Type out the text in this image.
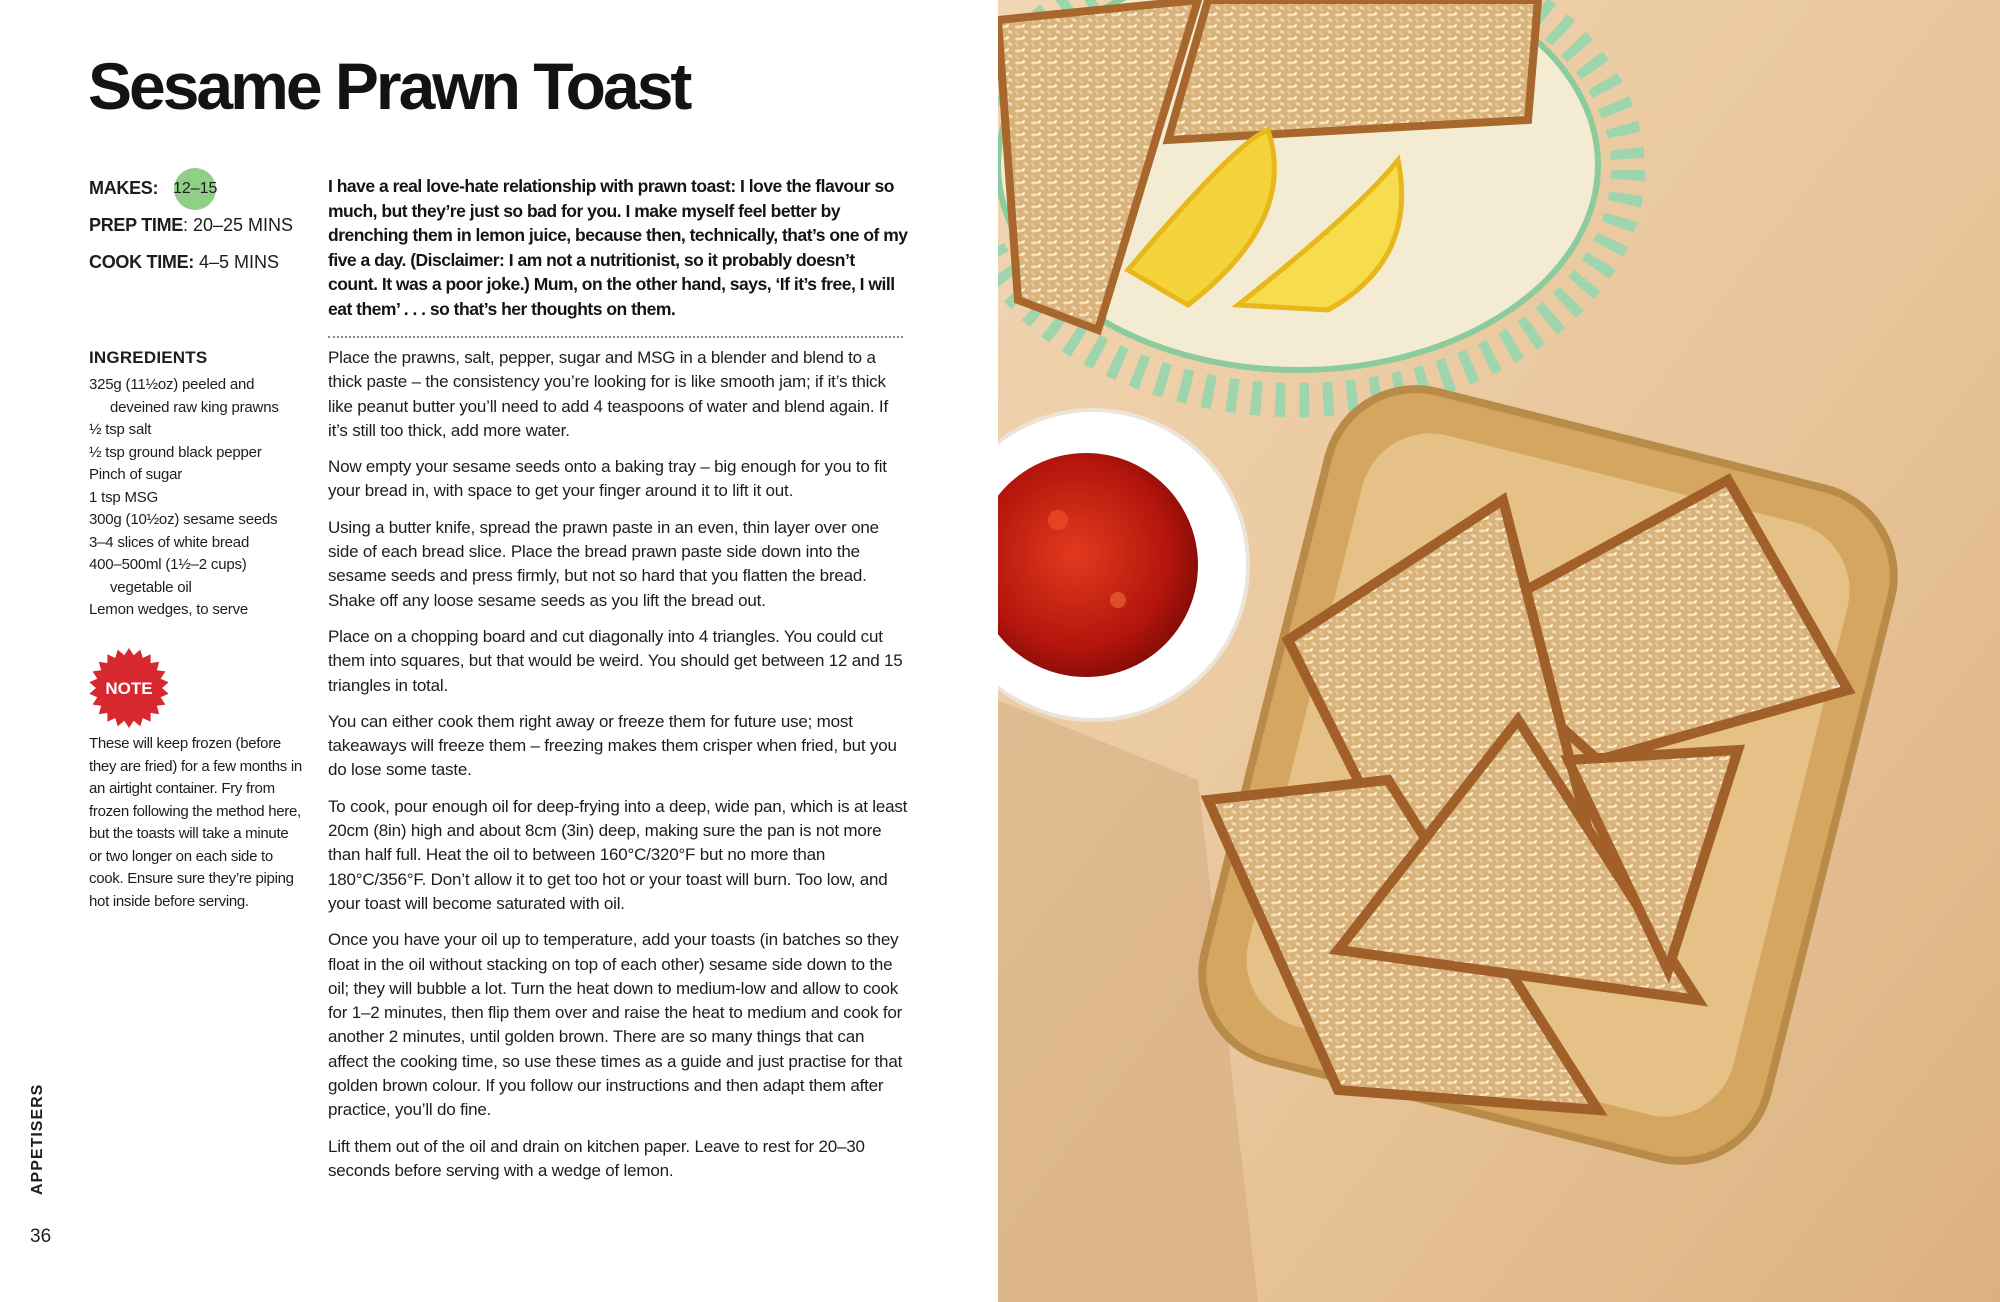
Sesame Prawn Toast
MAKES: 12–15
PREP TIME : 20–25 MINS
COOK TIME: 4–5 MINS
INGREDIENTS
325g (11½oz) peeled and deveined raw king prawns
½ tsp salt
½ tsp ground black pepper
Pinch of sugar
1 tsp MSG
300g (10½oz) sesame seeds
3–4 slices of white bread
400–500ml (1½–2 cups) vegetable oil
Lemon wedges, to serve
NOTE

These will keep frozen (before they are fried) for a few months in an airtight container. Fry from frozen following the method here, but the toasts will take a minute or two longer on each side to cook. Ensure sure they’re piping hot inside before serving.

I have a real love-hate relationship with prawn toast: I love the flavour so much, but they’re just so bad for you. I make myself feel better by drenching them in lemon juice, because then, technically, that’s one of my five a day. (Disclaimer: I am not a nutritionist, so it probably doesn’t count. It was a poor joke.) Mum, on the other hand, says, ‘If it’s free, I will eat them’ . . . so that’s her thoughts on them.

Place the prawns, salt, pepper, sugar and MSG in a blender and blend to a thick paste – the consistency you’re looking for is like smooth jam; if it’s thick like peanut butter you’ll need to add 4 teaspoons of water and blend again. If it’s still too thick, add more water.

Now empty your sesame seeds onto a baking tray – big enough for you to fit your bread in, with space to get your finger around it to lift it out.

Using a butter knife, spread the prawn paste in an even, thin layer over one side of each bread slice. Place the bread prawn paste side down into the sesame seeds and press firmly, but not so hard that you flatten the bread. Shake off any loose sesame seeds as you lift the bread out.

Place on a chopping board and cut diagonally into 4 triangles. You could cut them into squares, but that would be weird. You should get between 12 and 15 triangles in total.

You can either cook them right away or freeze them for future use; most takeaways will freeze them – freezing makes them crisper when fried, but you do lose some taste.

To cook, pour enough oil for deep-frying into a deep, wide pan, which is at least 20cm (8in) high and about 8cm (3in) deep, making sure the pan is not more than half full. Heat the oil to between 160°C/320°F but no more than 180°C/356°F. Don’t allow it to get too hot or your toast will burn. Too low, and your toast will become saturated with oil.

Once you have your oil up to temperature, add your toasts (in batches so they float in the oil without stacking on top of each other) sesame side down to the oil; they will bubble a lot. Turn the heat down to medium-low and allow to cook for 1–2 minutes, then flip them over and raise the heat to medium and cook for another 2 minutes, until golden brown. There are so many things that can affect the cooking time, so use these times as a guide and just practise for that golden brown colour. If you follow our instructions and then adapt them after practice, you’ll do fine.

Lift them out of the oil and drain on kitchen paper. Leave to rest for 20–30 seconds before serving with a wedge of lemon.

APPETISERS
36
